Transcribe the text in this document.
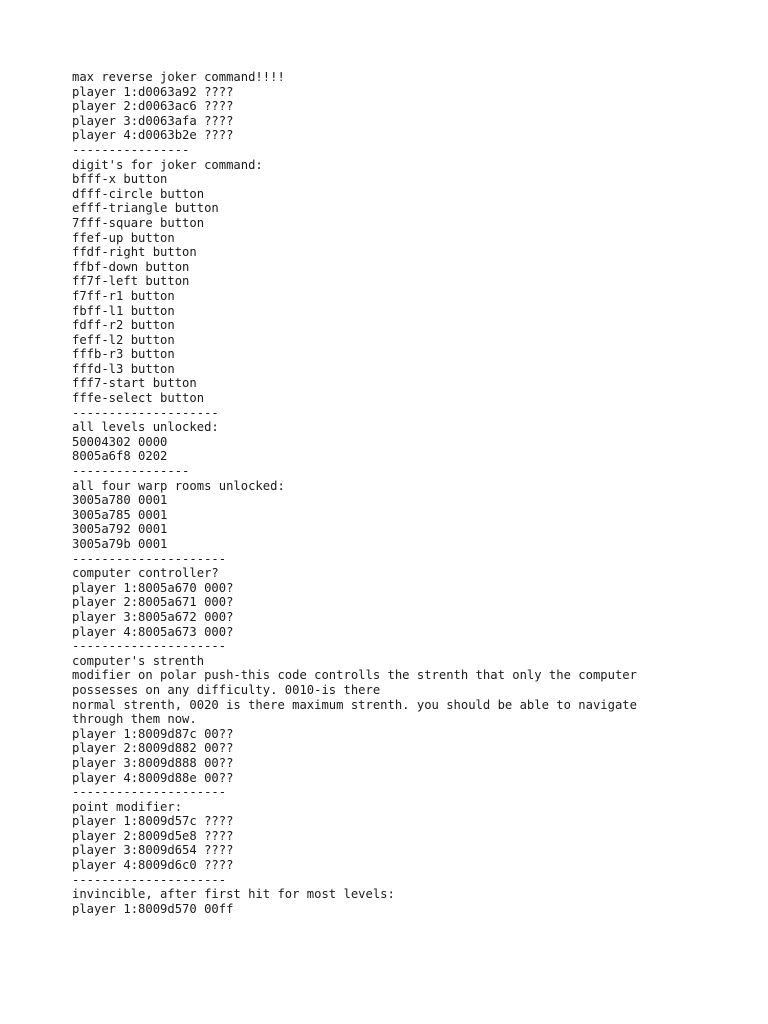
max reverse joker command!!!!
player 1:d0063a92 ????
player 2:d0063ac6 ????
player 3:d0063afa ????
player 4:d0063b2e ????
----------------
digit's for joker command:
bfff-x button
dfff-circle button
efff-triangle button
7fff-square button
ffef-up button
ffdf-right button
ffbf-down button
ff7f-left button
f7ff-r1 button
fbff-l1 button
fdff-r2 button
feff-l2 button
fffb-r3 button
fffd-l3 button
fff7-start button
fffe-select button
--------------------
all levels unlocked:
50004302 0000
8005a6f8 0202
----------------
all four warp rooms unlocked:
3005a780 0001
3005a785 0001
3005a792 0001
3005a79b 0001
---------------------
computer controller?
player 1:8005a670 000?
player 2:8005a671 000?
player 3:8005a672 000?
player 4:8005a673 000?
---------------------
computer's strenth
modifier on polar push-this code controlls the strenth that only the computer
possesses on any difficulty. 0010-is there
normal strenth, 0020 is there maximum strenth. you should be able to navigate
through them now.
player 1:8009d87c 00??
player 2:8009d882 00??
player 3:8009d888 00??
player 4:8009d88e 00??
---------------------
point modifier:
player 1:8009d57c ????
player 2:8009d5e8 ????
player 3:8009d654 ????
player 4:8009d6c0 ????
---------------------
invincible, after first hit for most levels:
player 1:8009d570 00ff
